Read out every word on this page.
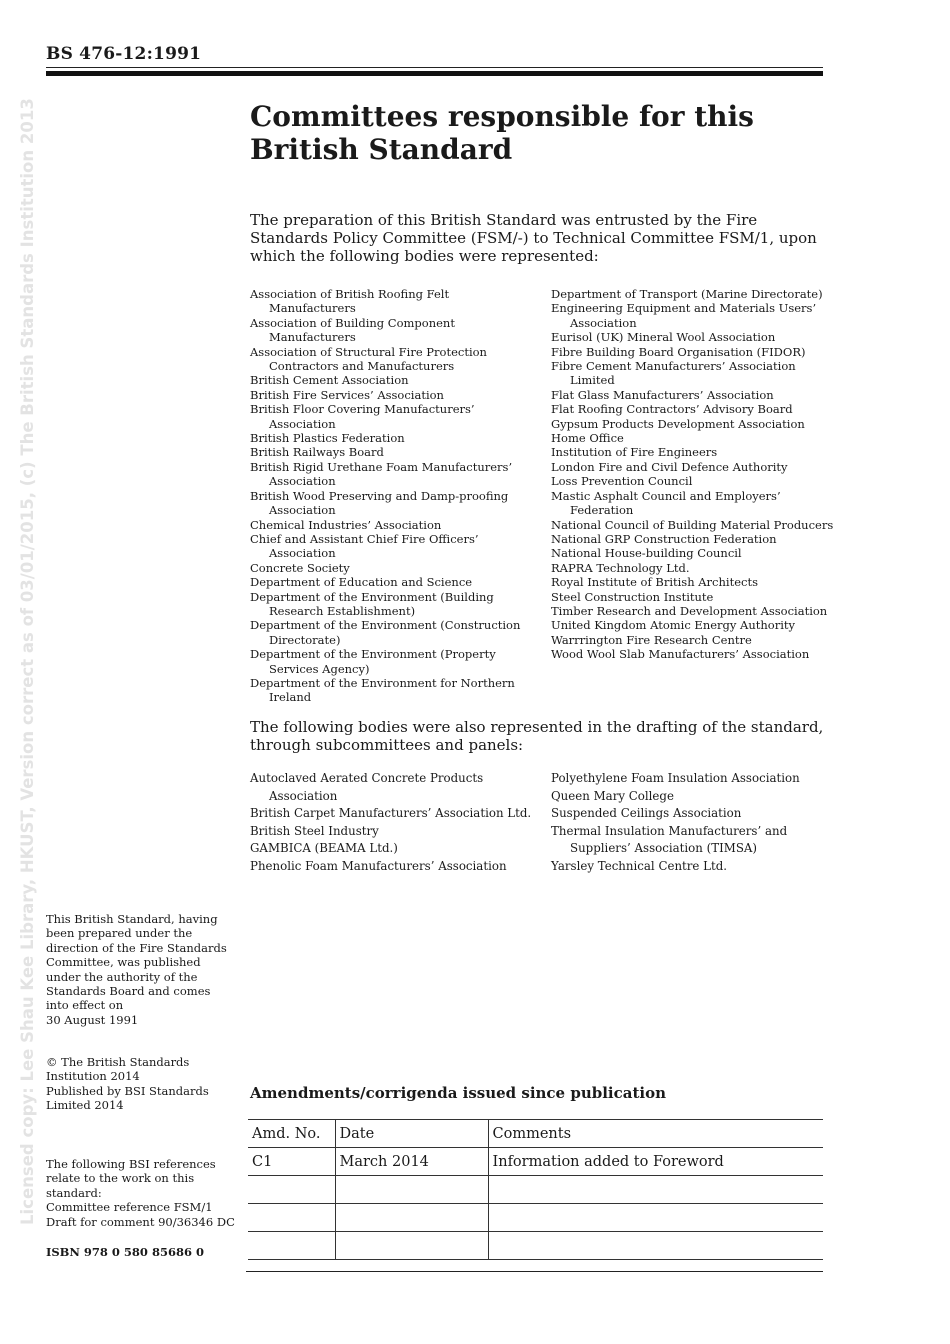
Licensed copy: Lee Shau Kee Library, HKUST, Version correct as of 03/01/2015, (c) The British Standards Institution 2013
BS 476-12:1991
Committees responsible for this
British Standard
The preparation of this British Standard was entrusted by the Fire Standards Policy Committee (FSM/-) to Technical Committee FSM/1, upon which the following bodies were represented:
Association of British Roofing Felt Manufacturers
Association of Building Component Manufacturers
Association of Structural Fire Protection Contractors and Manufacturers
British Cement Association
British Fire Services’ Association
British Floor Covering Manufacturers’ Association
British Plastics Federation
British Railways Board
British Rigid Urethane Foam Manufacturers’ Association
British Wood Preserving and Damp-proofing Association
Chemical Industries’ Association
Chief and Assistant Chief Fire Officers’ Association
Concrete Society
Department of Education and Science
Department of the Environment (Building Research Establishment)
Department of the Environment (Construction Directorate)
Department of the Environment (Property Services Agency)
Department of the Environment for Northern Ireland
Department of Transport (Marine Directorate)
Engineering Equipment and Materials Users’ Association
Eurisol (UK) Mineral Wool Association
Fibre Building Board Organisation (FIDOR)
Fibre Cement Manufacturers’ Association Limited
Flat Glass Manufacturers’ Association
Flat Roofing Contractors’ Advisory Board
Gypsum Products Development Association
Home Office
Institution of Fire Engineers
London Fire and Civil Defence Authority
Loss Prevention Council
Mastic Asphalt Council and Employers’ Federation
National Council of Building Material Producers
National GRP Construction Federation
National House-building Council
RAPRA Technology Ltd.
Royal Institute of British Architects
Steel Construction Institute
Timber Research and Development Association
United Kingdom Atomic Energy Authority
Warrrington Fire Research Centre
Wood Wool Slab Manufacturers’ Association
The following bodies were also represented in the drafting of the standard, through subcommittees and panels:
Autoclaved Aerated Concrete Products Association
British Carpet Manufacturers’ Association Ltd.
British Steel Industry
GAMBICA (BEAMA Ltd.)
Phenolic Foam Manufacturers’ Association
Polyethylene Foam Insulation Association
Queen Mary College
Suspended Ceilings Association
Thermal Insulation Manufacturers’ and Suppliers’ Association (TIMSA)
Yarsley Technical Centre Ltd.
This British Standard, having
been prepared under the
direction of the Fire Standards
Committee, was published
under the authority of the
Standards Board and comes
into effect on
30 August 1991
© The British Standards
Institution 2014
Published by BSI Standards
Limited 2014
The following BSI references
relate to the work on this
standard:
Committee reference FSM/1
Draft for comment 90/36346 DC
ISBN 978 0 580 85686 0
Amendments/corrigenda issued since publication
Amd. No.	Date	Comments
C1	March 2014	Information added to Foreword
